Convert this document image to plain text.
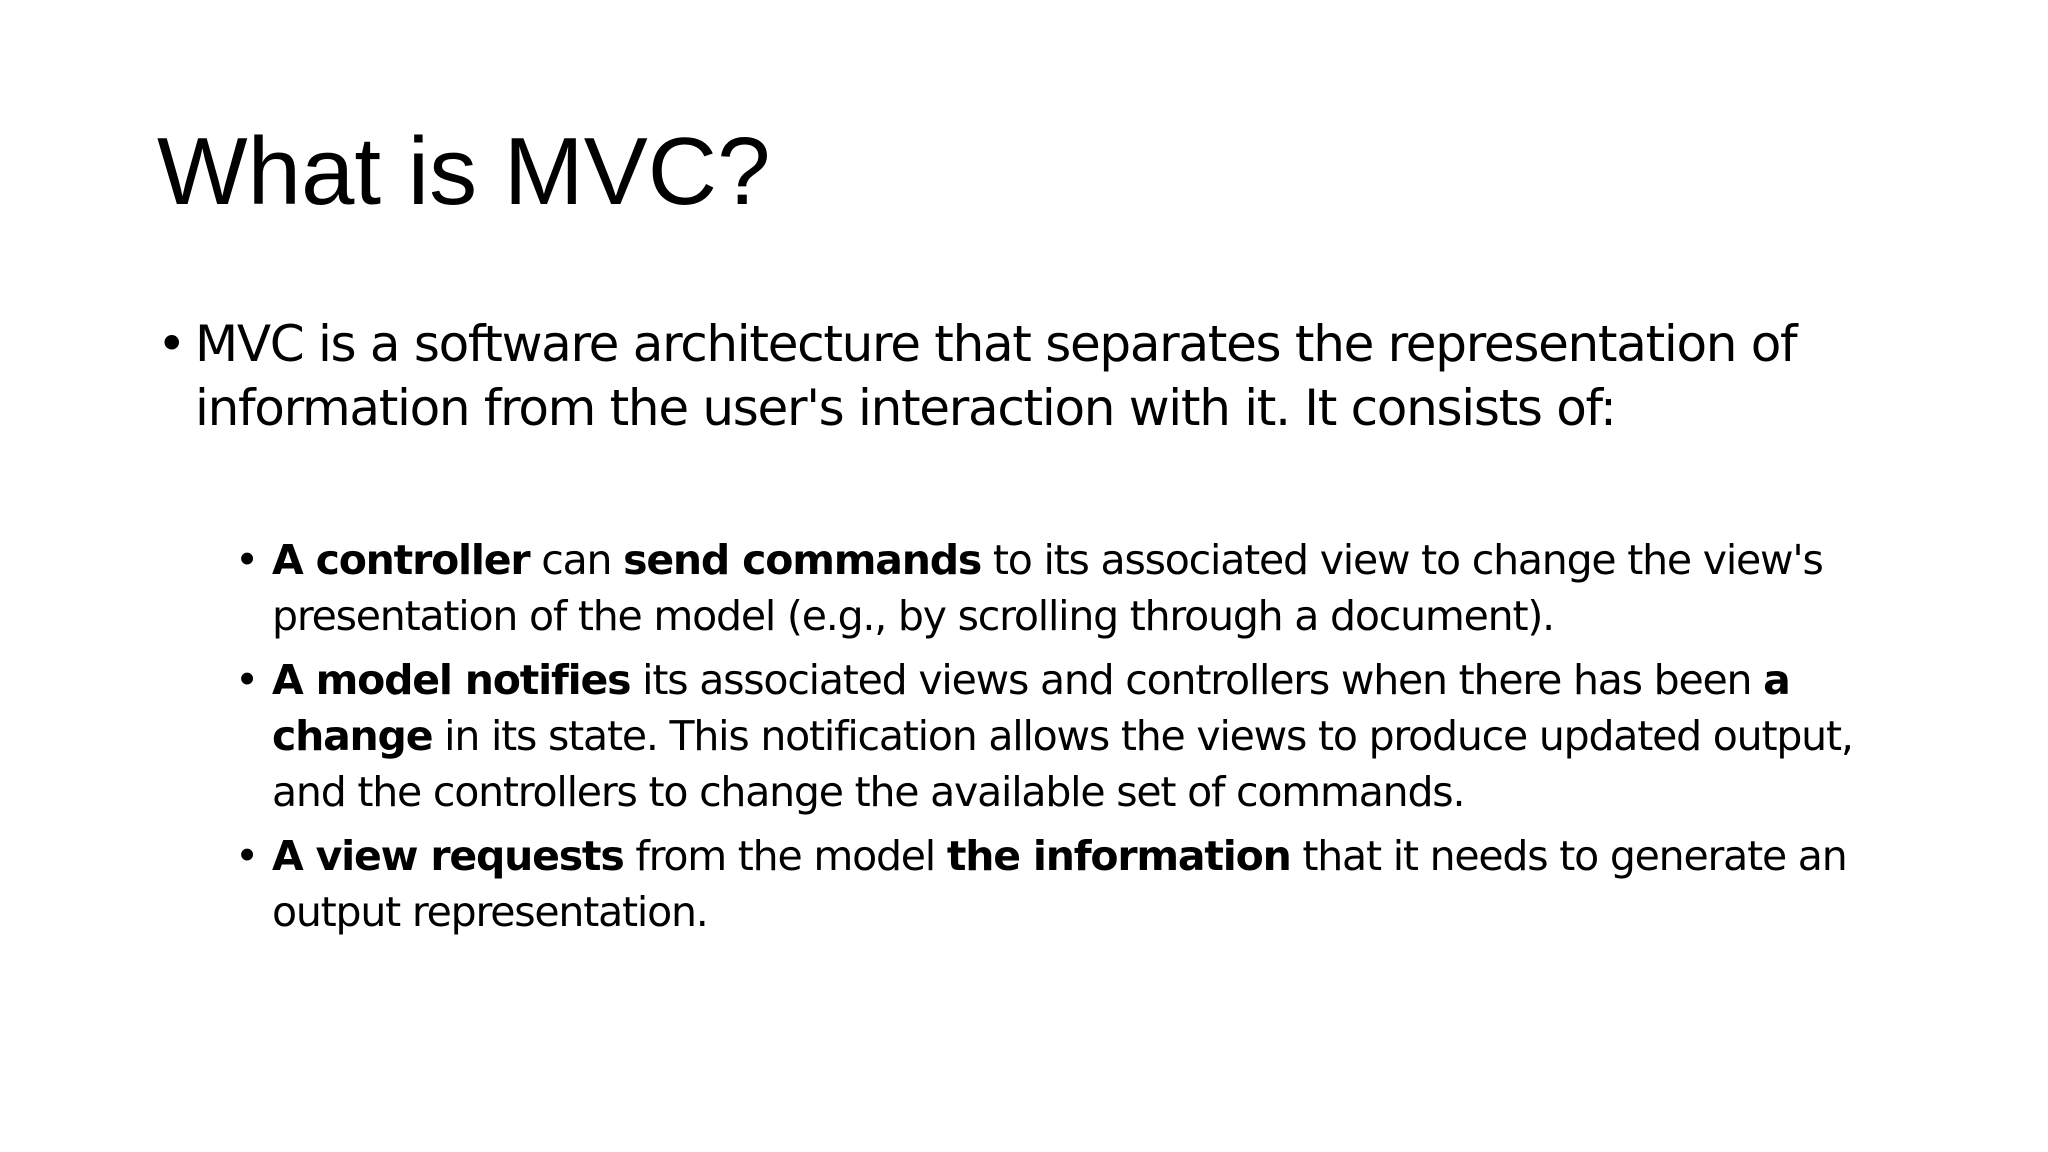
What is MVC?
• MVC is a software architecture that separates the representation of information from the user's interaction with it. It consists of:
• A controller can send commands to its associated view to change the view's presentation of the model (e.g., by scrolling through a document).
• A model notifies its associated views and controllers when there has been a change in its state. This notification allows the views to produce updated output, and the controllers to change the available set of commands.
• A view requests from the model the information that it needs to generate an output representation.
